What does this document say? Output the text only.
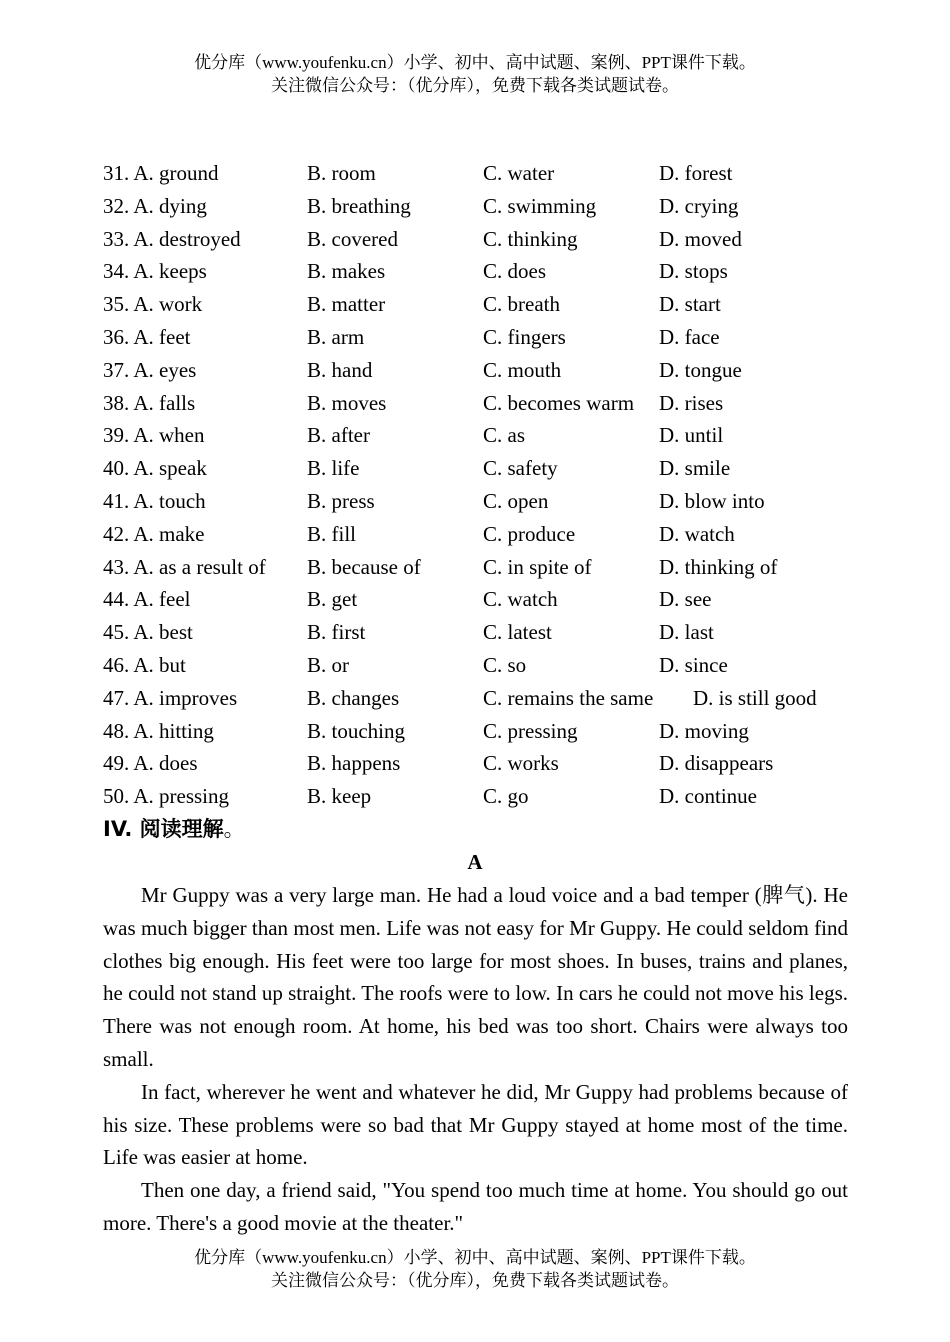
优分库（www.youfenku.cn）小学、初中、高中试题、案例、PPT课件下载。
关注微信公众号：（优分库），免费下载各类试题试卷。
31. A. ground	B. room	C. water	D. forest
32. A. dying	B. breathing	C. swimming	D. crying
33. A. destroyed	B. covered	C. thinking	D. moved
34. A. keeps	B. makes	C. does	D. stops
35. A. work	B. matter	C. breath	D. start
36. A. feet	B. arm	C. fingers	D. face
37. A. eyes	B. hand	C. mouth	D. tongue
38. A. falls	B. moves	C. becomes warm D. rises
39. A. when	B. after	C. as	D. until
40. A. speak	B. life	C. safety	D. smile
41. A. touch	B. press	C. open	D. blow into
42. A. make	B. fill	C. produce	D. watch
43. A. as a result of B. because of	C. in spite of	D. thinking of
44. A. feel	B. get	C. watch	D. see
45. A. best	B. first	C. latest	D. last
46. A. but	B. or	C. so	D. since
47. A. improves	B. changes	C. remains the same D. is still good
48. A. hitting	B. touching	C. pressing	D. moving
49. A. does	B. happens	C. works	D. disappears
50. A. pressing	B. keep	C. go	D. continue
IV. 阅读理解。
A

Mr Guppy was a very large man. He had a loud voice and a bad temper (脾气). He was much bigger than most men. Life was not easy for Mr Guppy. He could seldom find clothes big enough. His feet were too large for most shoes. In buses, trains and planes, he could not stand up straight. The roofs were to low. In cars he could not move his legs. There was not enough room. At home, his bed was too short. Chairs were always too small.

In fact, wherever he went and whatever he did, Mr Guppy had problems because of his size. These problems were so bad that Mr Guppy stayed at home most of the time. Life was easier at home.

Then one day, a friend said, "You spend too much time at home. You should go out more. There's a good movie at the theater."

优分库（www.youfenku.cn）小学、初中、高中试题、案例、PPT课件下载。
关注微信公众号：（优分库），免费下载各类试题试卷。
